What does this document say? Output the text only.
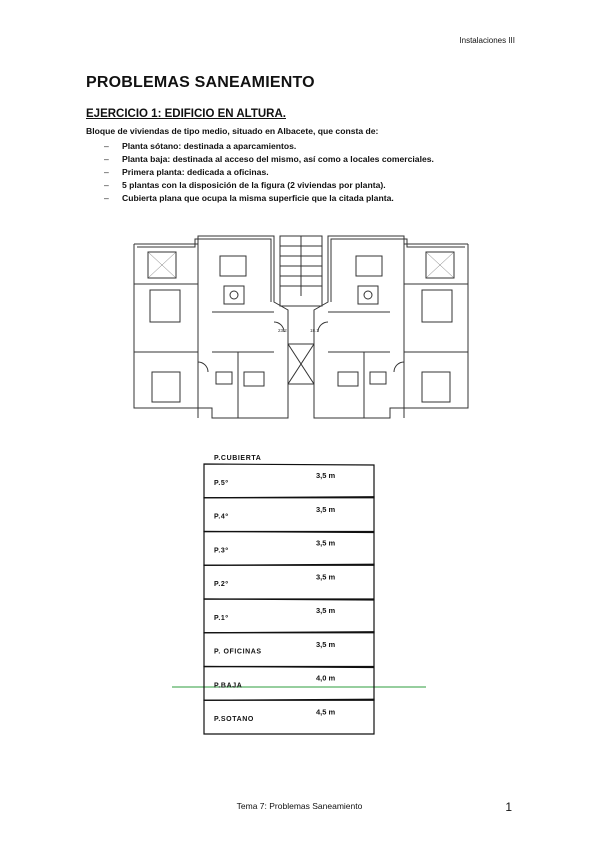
Instalaciones III
PROBLEMAS SANEAMIENTO
EJERCICIO 1: EDIFICIO EN ALTURA.
Bloque de viviendas de tipo medio, situado en Albacete, que consta de:
– Planta sótano: destinada a aparcamientos.
– Planta baja: destinada al acceso del mismo, así como a locales comerciales.
– Primera planta: dedicada a oficinas.
– 5 plantas con la disposición de la figura (2 viviendas por planta).
– Cubierta plana que ocupa la misma superficie que la citada planta.
23.2	18.1
P.CUBIERTA
P.5º
3,5 m
P.4º
3,5 m
P.3º
3,5 m
P.2º
3,5 m
P.1º
3,5 m
P. OFICINAS
3,5 m
P.BAJA
4,0 m
P.SOTANO
4,5 m
Tema 7: Problemas Saneamiento	1
